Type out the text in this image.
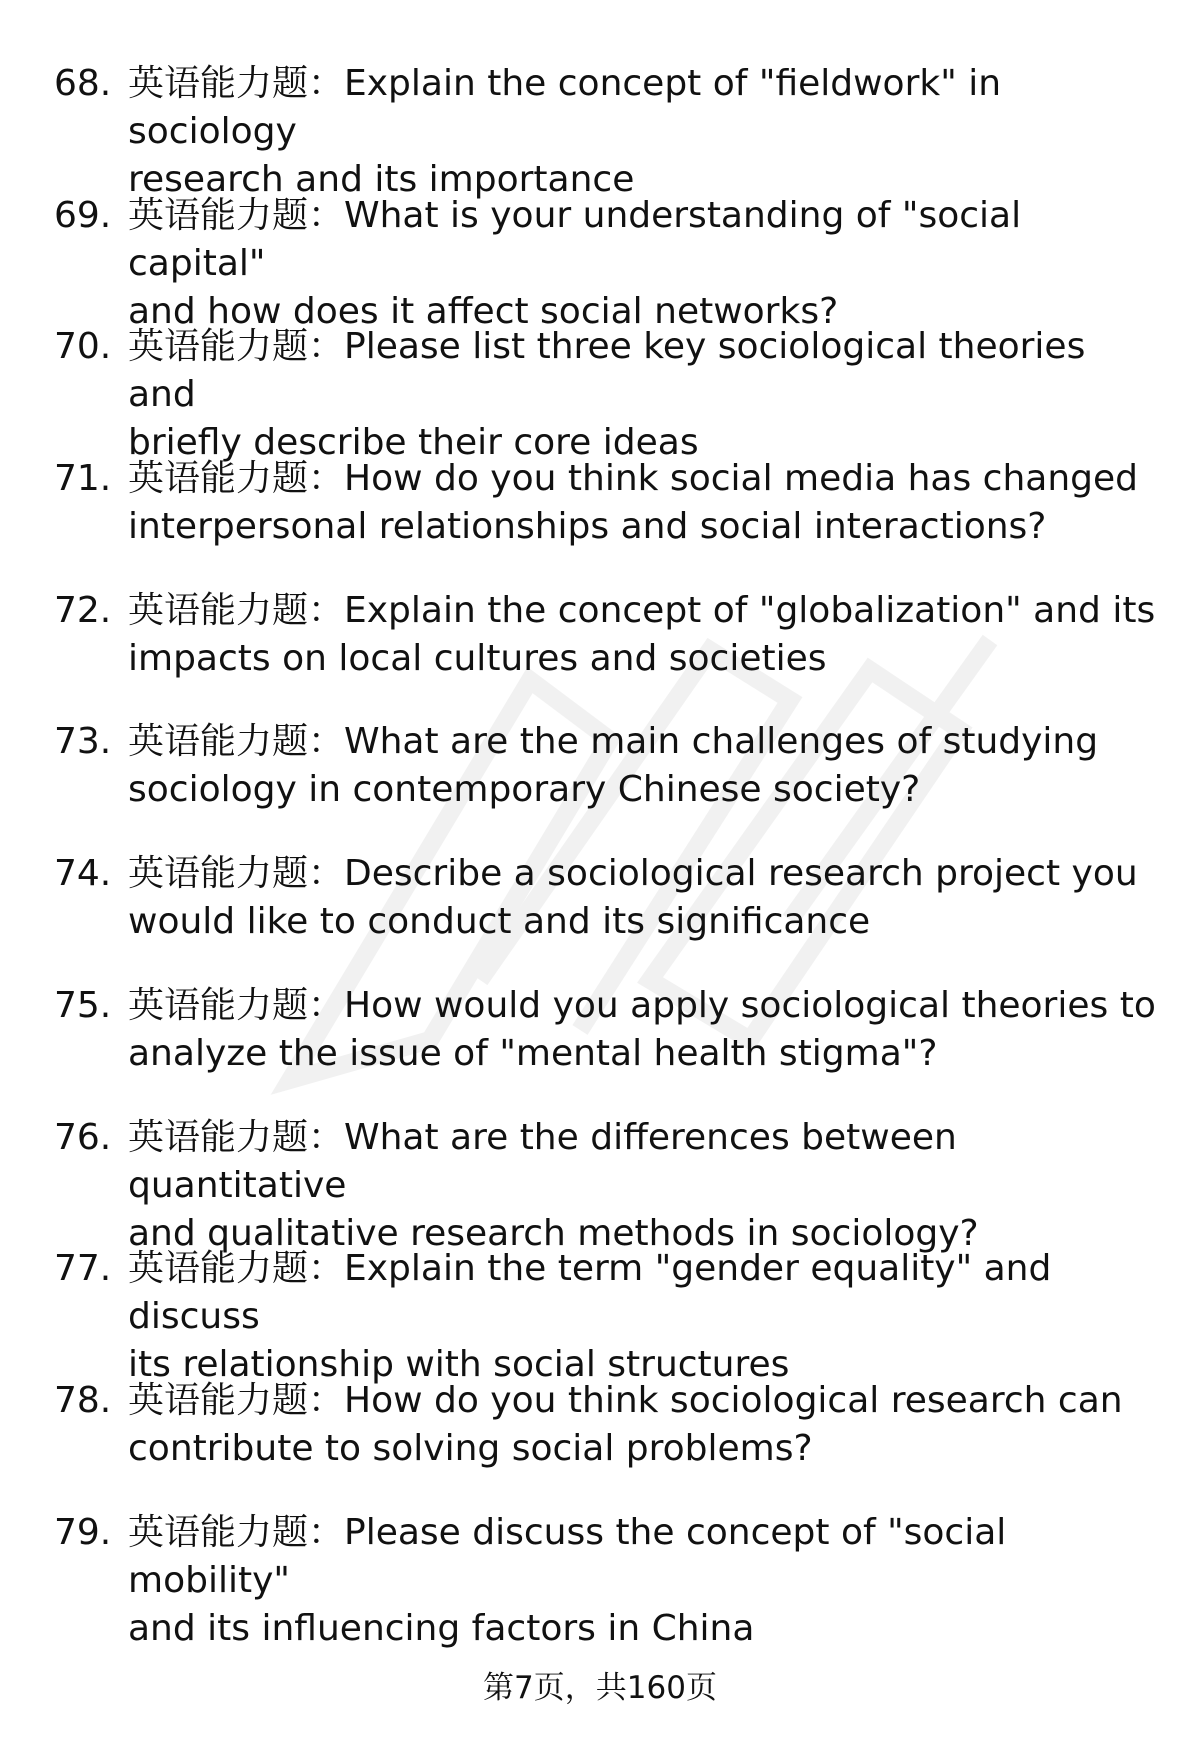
68. 英语能力题：Explain the concept of "fieldwork" in sociology
research and its importance
69. 英语能力题：What is your understanding of "social capital"
and how does it affect social networks?
70. 英语能力题：Please list three key sociological theories and
briefly describe their core ideas
71. 英语能力题：How do you think social media has changed
interpersonal relationships and social interactions?
72. 英语能力题：Explain the concept of "globalization" and its
impacts on local cultures and societies
73. 英语能力题：What are the main challenges of studying
sociology in contemporary Chinese society?
74. 英语能力题：Describe a sociological research project you
would like to conduct and its significance
75. 英语能力题：How would you apply sociological theories to
analyze the issue of "mental health stigma"?
76. 英语能力题：What are the differences between quantitative
and qualitative research methods in sociology?
77. 英语能力题：Explain the term "gender equality" and discuss
its relationship with social structures
78. 英语能力题：How do you think sociological research can
contribute to solving social problems?
79. 英语能力题：Please discuss the concept of "social mobility"
and its influencing factors in China
第7页，共160页
